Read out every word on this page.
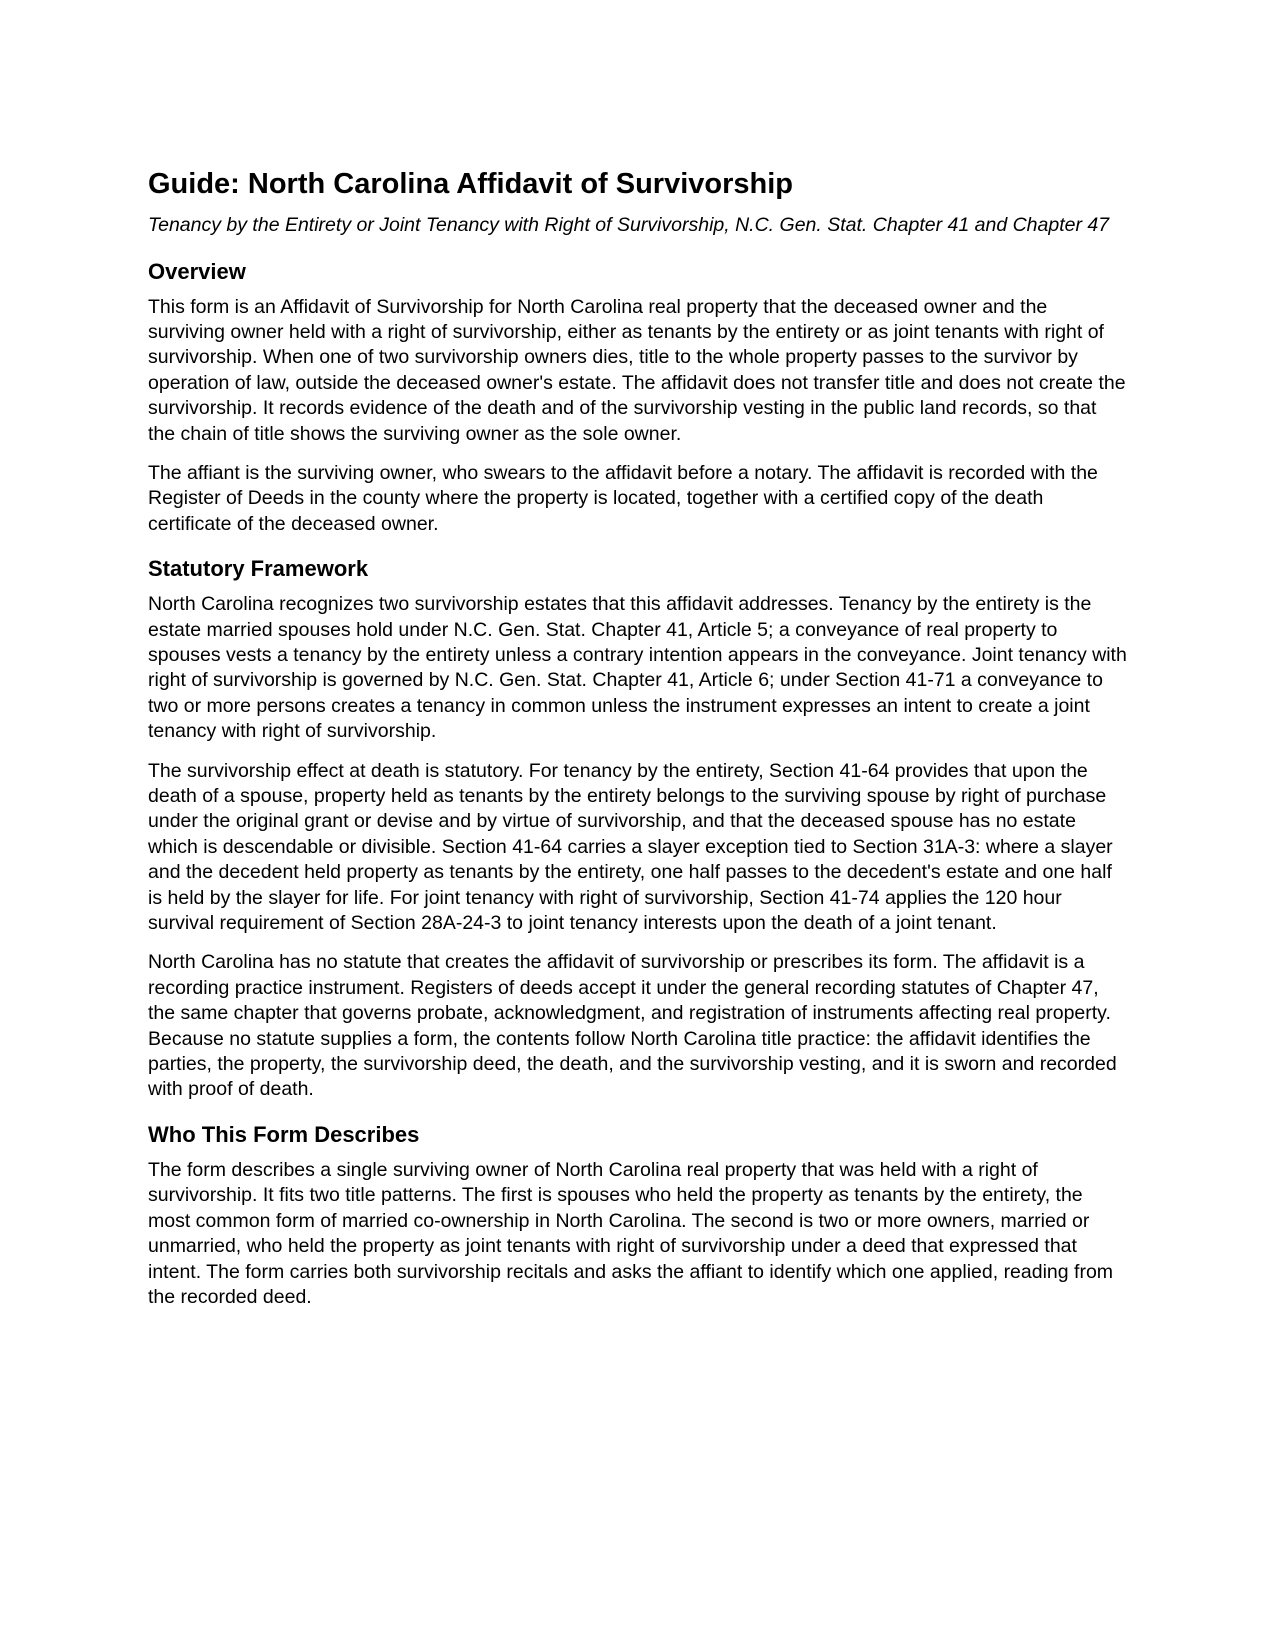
Guide: North Carolina Affidavit of Survivorship

Tenancy by the Entirety or Joint Tenancy with Right of Survivorship, N.C. Gen. Stat. Chapter 41 and Chapter 47

Overview

This form is an Affidavit of Survivorship for North Carolina real property that the deceased owner and the surviving owner held with a right of survivorship, either as tenants by the entirety or as joint tenants with right of survivorship. When one of two survivorship owners dies, title to the whole property passes to the survivor by operation of law, outside the deceased owner's estate. The affidavit does not transfer title and does not create the survivorship. It records evidence of the death and of the survivorship vesting in the public land records, so that the chain of title shows the surviving owner as the sole owner.

The affiant is the surviving owner, who swears to the affidavit before a notary. The affidavit is recorded with the Register of Deeds in the county where the property is located, together with a certified copy of the death certificate of the deceased owner.

Statutory Framework

North Carolina recognizes two survivorship estates that this affidavit addresses. Tenancy by the entirety is the estate married spouses hold under N.C. Gen. Stat. Chapter 41, Article 5; a conveyance of real property to spouses vests a tenancy by the entirety unless a contrary intention appears in the conveyance. Joint tenancy with right of survivorship is governed by N.C. Gen. Stat. Chapter 41, Article 6; under Section 41-71 a conveyance to two or more persons creates a tenancy in common unless the instrument expresses an intent to create a joint tenancy with right of survivorship.

The survivorship effect at death is statutory. For tenancy by the entirety, Section 41-64 provides that upon the death of a spouse, property held as tenants by the entirety belongs to the surviving spouse by right of purchase under the original grant or devise and by virtue of survivorship, and that the deceased spouse has no estate which is descendable or divisible. Section 41-64 carries a slayer exception tied to Section 31A-3: where a slayer and the decedent held property as tenants by the entirety, one half passes to the decedent's estate and one half is held by the slayer for life. For joint tenancy with right of survivorship, Section 41-74 applies the 120 hour survival requirement of Section 28A-24-3 to joint tenancy interests upon the death of a joint tenant.

North Carolina has no statute that creates the affidavit of survivorship or prescribes its form. The affidavit is a recording practice instrument. Registers of deeds accept it under the general recording statutes of Chapter 47, the same chapter that governs probate, acknowledgment, and registration of instruments affecting real property. Because no statute supplies a form, the contents follow North Carolina title practice: the affidavit identifies the parties, the property, the survivorship deed, the death, and the survivorship vesting, and it is sworn and recorded with proof of death.

Who This Form Describes

The form describes a single surviving owner of North Carolina real property that was held with a right of survivorship. It fits two title patterns. The first is spouses who held the property as tenants by the entirety, the most common form of married co-ownership in North Carolina. The second is two or more owners, married or unmarried, who held the property as joint tenants with right of survivorship under a deed that expressed that intent. The form carries both survivorship recitals and asks the affiant to identify which one applied, reading from the recorded deed.
